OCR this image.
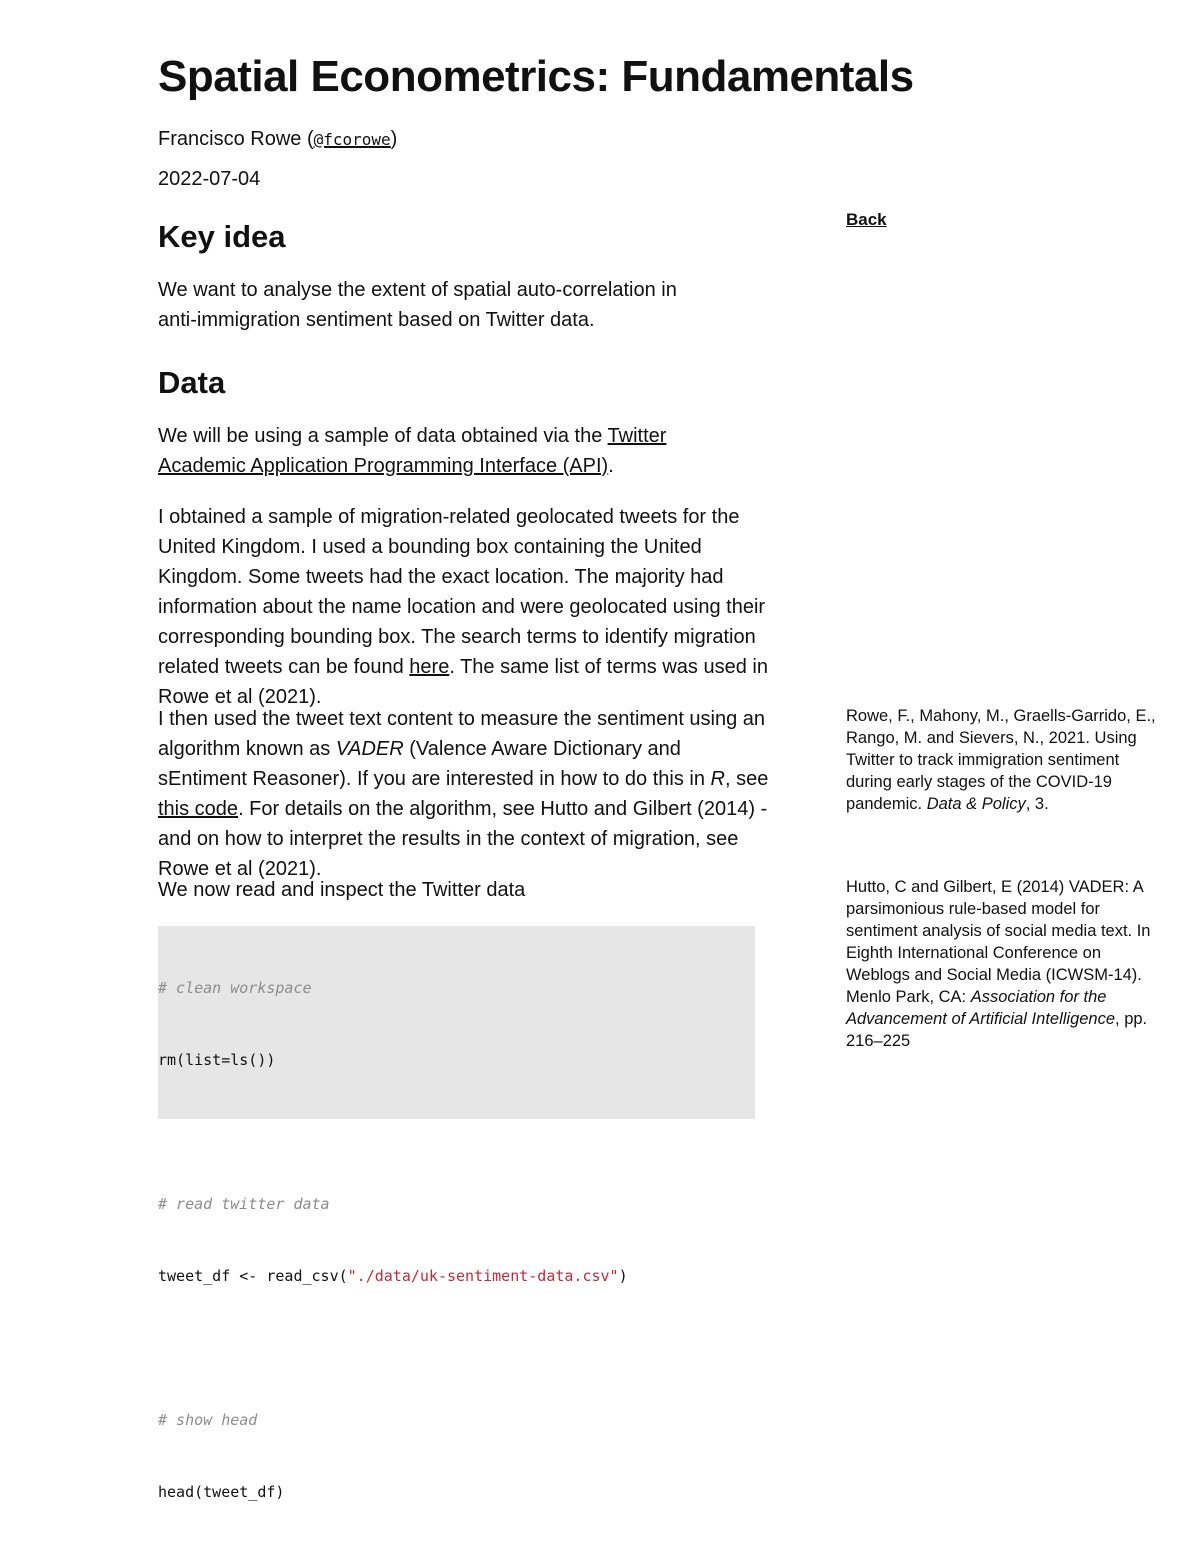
Spatial Econometrics: Fundamentals
Francisco Rowe (@fcorowe)
2022-07-04
Key idea

We want to analyse the extent of spatial auto-correlation in anti-immigration sentiment based on Twitter data.

Data

We will be using a sample of data obtained via the Twitter Academic Application Programming Interface (API).

I obtained a sample of migration-related geolocated tweets for the United Kingdom. I used a bounding box containing the United Kingdom. Some tweets had the exact location. The majority had information about the name location and were geolocated using their corresponding bounding box. The search terms to identify migration related tweets can be found here. The same list of terms was used in Rowe et al (2021).

I then used the tweet text content to measure the sentiment using an algorithm known as VADER (Valence Aware Dictionary and sEntiment Reasoner). If you are interested in how to do this in R, see this code. For details on the algorithm, see Hutto and Gilbert (2014) - and on how to interpret the results in the context of migration, see Rowe et al (2021).

We now read and inspect the Twitter data

# clean workspace

rm(list=ls())

# read twitter data

tweet_df <- read_csv("./data/uk-sentiment-data.csv")

# show head

head(tweet_df)

Back
Rowe, F., Mahony, M., Graells-Garrido, E., Rango, M. and Sievers, N., 2021. Using Twitter to track immigration sentiment during early stages of the COVID-19 pandemic. Data & Policy, 3.
Hutto, C and Gilbert, E (2014) VADER: A parsimonious rule-based model for sentiment analysis of social media text. In Eighth International Conference on Weblogs and Social Media (ICWSM-14). Menlo Park, CA: Association for the Advancement of Artificial Intelligence, pp. 216–225
